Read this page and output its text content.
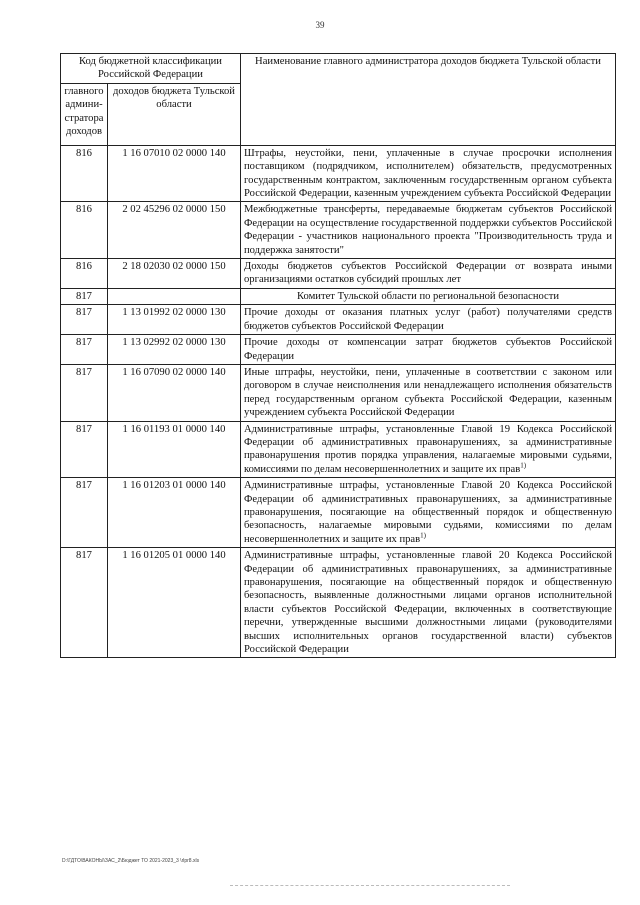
39
Код бюджетной классификации Российской Федерации		Наименование главного администратора доходов бюджета Тульской области
главного админи-стратора доходов	доходов бюджета Тульской области	
816	1 16 07010 02 0000 140	Штрафы, неустойки, пени, уплаченные в случае просрочки исполнения поставщиком (подрядчиком, исполнителем) обязательств, предусмотренных государственным контрактом, заключенным государственным органом субъекта Российской Федерации, казенным учреждением субъекта Российской Федерации
816	2 02 45296 02 0000 150	Межбюджетные трансферты, передаваемые бюджетам субъектов Российской Федерации на осуществление государственной поддержки субъектов Российской Федерации - участников национального проекта "Производительность труда и поддержка занятости"
816	2 18 02030 02 0000 150	Доходы бюджетов субъектов Российской Федерации от возврата иными организациями остатков субсидий прошлых лет
817		Комитет Тульской области по региональной безопасности
817	1 13 01992 02 0000 130	Прочие доходы от оказания платных услуг (работ) получателями средств бюджетов субъектов Российской Федерации
817	1 13 02992 02 0000 130	Прочие доходы от компенсации затрат бюджетов субъектов Российской Федерации
817	1 16 07090 02 0000 140	Иные штрафы, неустойки, пени, уплаченные в соответствии с законом или договором в случае неисполнения или ненадлежащего исполнения обязательств перед государственным органом субъекта Российской Федерации, казенным учреждением субъекта Российской Федерации
817	1 16 01193 01 0000 140	Административные штрафы, установленные Главой 19 Кодекса Российской Федерации об административных правонарушениях, за административные правонарушения против порядка управления, налагаемые мировыми судьями, комиссиями по делам несовершеннолетних и защите их прав$^{1)}$
817	1 16 01203 01 0000 140	Административные штрафы, установленные Главой 20 Кодекса Российской Федерации об административных правонарушениях, за административные правонарушения, посягающие на общественный порядок и общественную безопасность, налагаемые мировыми судьями, комиссиями по делам несовершеннолетних и защите их прав$^{1)}$
817	1 16 01205 01 0000 140	Административные штрафы, установленные главой 20 Кодекса Российской Федерации об административных правонарушениях, за административные правонарушения, посягающие на общественный порядок и общественную безопасность, выявленные должностными лицами органов исполнительной власти субъектов Российской Федерации, включенных в соответствующие перечни, утвержденные высшими должностными лицами (руководителями высших исполнительных органов государственной власти) субъектов Российской Федерации
D:\ГДТО\ВАКОНЫ\ЗАС_2\Бюджет ТО 2021-2023_3 \rlpr8.xls
